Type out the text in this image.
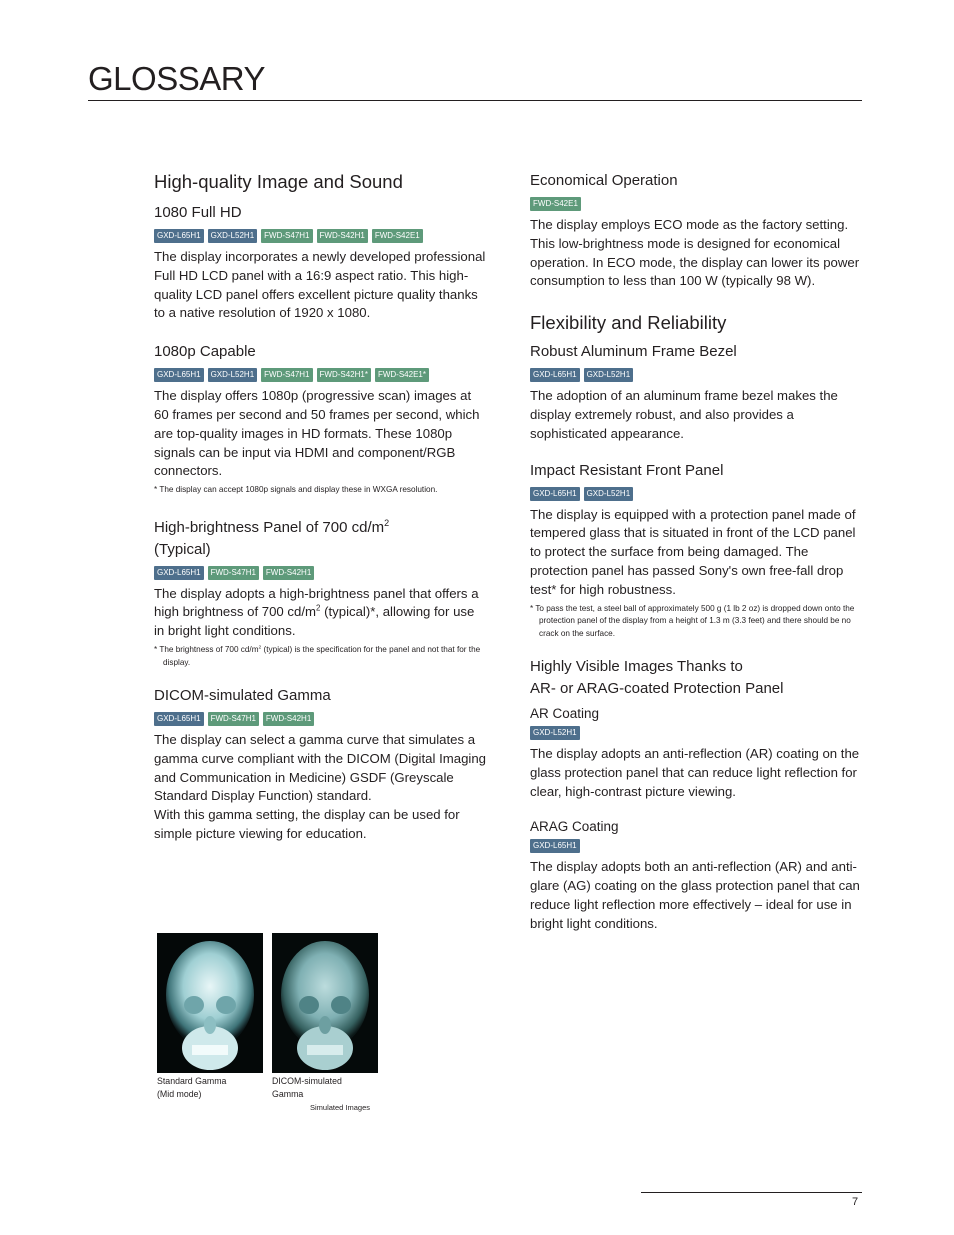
GLOSSARY
High-quality Image and Sound
1080 Full HD
GXD-L65H1	GXD-L52H1	FWD-S47H1	FWD-S42H1	FWD-S42E1

The display incorporates a newly developed professional Full HD LCD panel with a 16:9 aspect ratio. This high-quality LCD panel offers excellent picture quality thanks to a native resolution of 1920 x 1080.

1080p Capable
GXD-L65H1	GXD-L52H1	FWD-S47H1	FWD-S42H1*	FWD-S42E1*

The display offers 1080p (progressive scan) images at 60 frames per second and 50 frames per second, which are top-quality images in HD formats. These 1080p signals can be input via HDMI and component/RGB connectors.

* The display can accept 1080p signals and display these in WXGA resolution.
High-brightness Panel of 700 $cd/m^2$
(Typical)
GXD-L65H1	FWD-S47H1	FWD-S42H1

The display adopts a high-brightness panel that offers a high brightness of 700 $cd/m^2$ (typical)*, allowing for use in bright light conditions.

* The brightness of 700 $cd/m^2$ (typical) is the specification for the panel and not that for the display.
DICOM-simulated Gamma
GXD-L65H1	FWD-S47H1	FWD-S42H1

The display can select a gamma curve that simulates a gamma curve compliant with the DICOM (Digital Imaging and Communication in Medicine) GSDF (Greyscale Standard Display Function) standard.

With this gamma setting, the display can be used for simple picture viewing for education.

Standard Gamma
(Mid mode)
DICOM-simulated
Gamma
Simulated Images
Economical Operation
FWD-S42E1

The display employs ECO mode as the factory setting. This low-brightness mode is designed for economical operation. In ECO mode, the display can lower its power consumption to less than 100 W (typically 98 W).

Flexibility and Reliability
Robust Aluminum Frame Bezel
GXD-L65H1	GXD-L52H1

The adoption of an aluminum frame bezel makes the display extremely robust, and also provides a sophisticated appearance.

Impact Resistant Front Panel
GXD-L65H1	GXD-L52H1

The display is equipped with a protection panel made of tempered glass that is situated in front of the LCD panel to protect the surface from being damaged. The protection panel has passed Sony's own free-fall drop test* for high robustness.

* To pass the test, a steel ball of approximately 500 g (1 lb 2 oz) is dropped down onto the protection panel of the display from a height of 1.3 m (3.3 feet) and there should be no crack on the surface.
Highly Visible Images Thanks to
AR- or ARAG-coated Protection Panel
AR Coating
GXD-L52H1

The display adopts an anti-reflection (AR) coating on the glass protection panel that can reduce light reflection for clear, high-contrast picture viewing.

ARAG Coating
GXD-L65H1

The display adopts both an anti-reflection (AR) and anti-glare (AG) coating on the glass protection panel that can reduce light reflection more effectively – ideal for use in bright light conditions.

7
